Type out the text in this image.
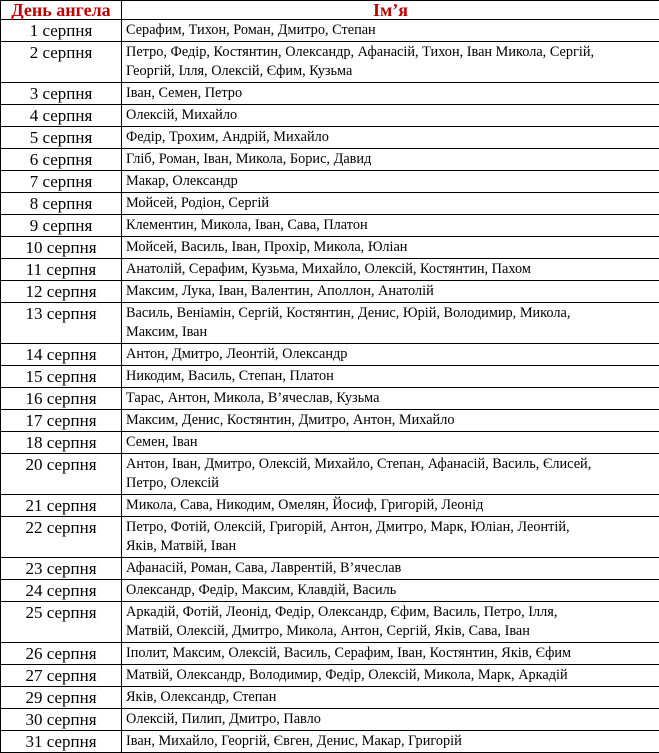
День ангела	Ім’я
1 серпня	Серафим, Тихон, Роман, Дмитро, Степан

2 серпня	Петро, Федір, Костянтин, Олександр, Афанасій, Тихон, Іван Микола, Сергій,
Георгій, Ілля, Олексій, Єфим, Кузьма

3 серпня	Іван, Семен, Петро

4 серпня	Олексій, Михайло

5 серпня	Федір, Трохим, Андрій, Михайло

6 серпня	Гліб, Роман, Іван, Микола, Борис, Давид

7 серпня	Макар, Олександр

8 серпня	Мойсей, Родіон, Сергій

9 серпня	Клементин, Микола, Іван, Сава, Платон

10 серпня	Мойсей, Василь, Іван, Прохір, Микола, Юліан

11 серпня	Анатолій, Серафим, Кузьма, Михайло, Олексій, Костянтин, Пахом

12 серпня	Максим, Лука, Іван, Валентин, Аполлон, Анатолій

13 серпня	Василь, Веніамін, Сергій, Костянтин, Денис, Юрій, Володимир, Микола,
Максим, Іван

14 серпня	Антон, Дмитро, Леонтій, Олександр

15 серпня	Никодим, Василь, Степан, Платон

16 серпня	Тарас, Антон, Микола, В’ячеслав, Кузьма

17 серпня	Максим, Денис, Костянтин, Дмитро, Антон, Михайло

18 серпня	Семен, Іван

20 серпня	Антон, Іван, Дмитро, Олексій, Михайло, Степан, Афанасій, Василь, Єлисей,
Петро, Олексій

21 серпня	Микола, Сава, Никодим, Омелян, Йосиф, Григорій, Леонід

22 серпня	Петро, Фотій, Олексій, Григорій, Антон, Дмитро, Марк, Юліан, Леонтій,
Яків, Матвій, Іван

23 серпня	Афанасій, Роман, Сава, Лаврентій, В’ячеслав

24 серпня	Олександр, Федір, Максим, Клавдій, Василь

25 серпня	Аркадій, Фотій, Леонід, Федір, Олександр, Єфим, Василь, Петро, Ілля,
Матвій, Олексій, Дмитро, Микола, Антон, Сергій, Яків, Сава, Іван

26 серпня	Іполит, Максим, Олексій, Василь, Серафим, Іван, Костянтин, Яків, Єфим

27 серпня	Матвій, Олександр, Володимир, Федір, Олексій, Микола, Марк, Аркадій

29 серпня	Яків, Олександр, Степан

30 серпня	Олексій, Пилип, Дмитро, Павло

31 серпня	Іван, Михайло, Георгій, Євген, Денис, Макар, Григорій
